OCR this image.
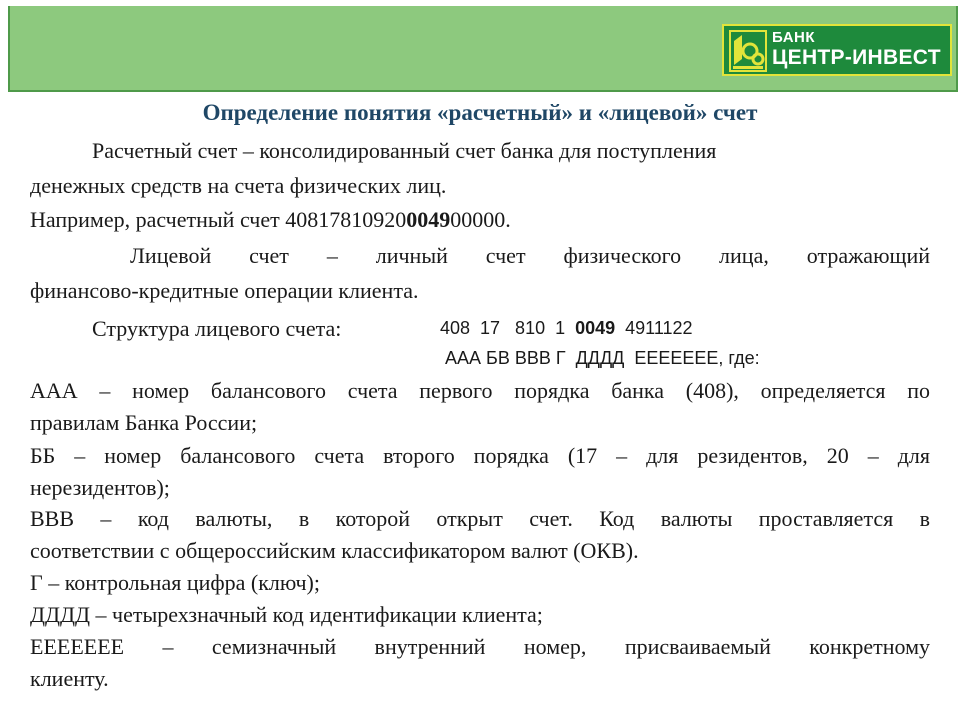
БАНК
ЦЕНТР-ИНВЕСТ
Определение понятия «расчетный» и «лицевой» счет
Расчетный счет – консолидированный счет банка для поступления
денежных средств на счета физических лиц.
Например, расчетный счет 40817810920004900000.
Лицевой счет – личный счет физического лица, отражающий
финансово-кредитные операции клиента.
Структура лицевого счета:	408  17   810  1  0049  4911122
ААА БВ ВВВ Г  ДДДД  ЕЕЕЕЕЕЕ, где:
ААА – номер балансового счета первого порядка банка (408), определяется по
правилам Банка России;
ББ – номер балансового счета второго порядка (17 – для резидентов, 20 – для
нерезидентов);
ВВВ – код валюты, в которой открыт счет. Код валюты проставляется в
соответствии с общероссийским классификатором валют (ОКВ).
Г – контрольная цифра (ключ);
ДДДД – четырехзначный код идентификации клиента;
ЕЕЕЕЕЕЕ – семизначный внутренний номер, присваиваемый конкретному
клиенту.
